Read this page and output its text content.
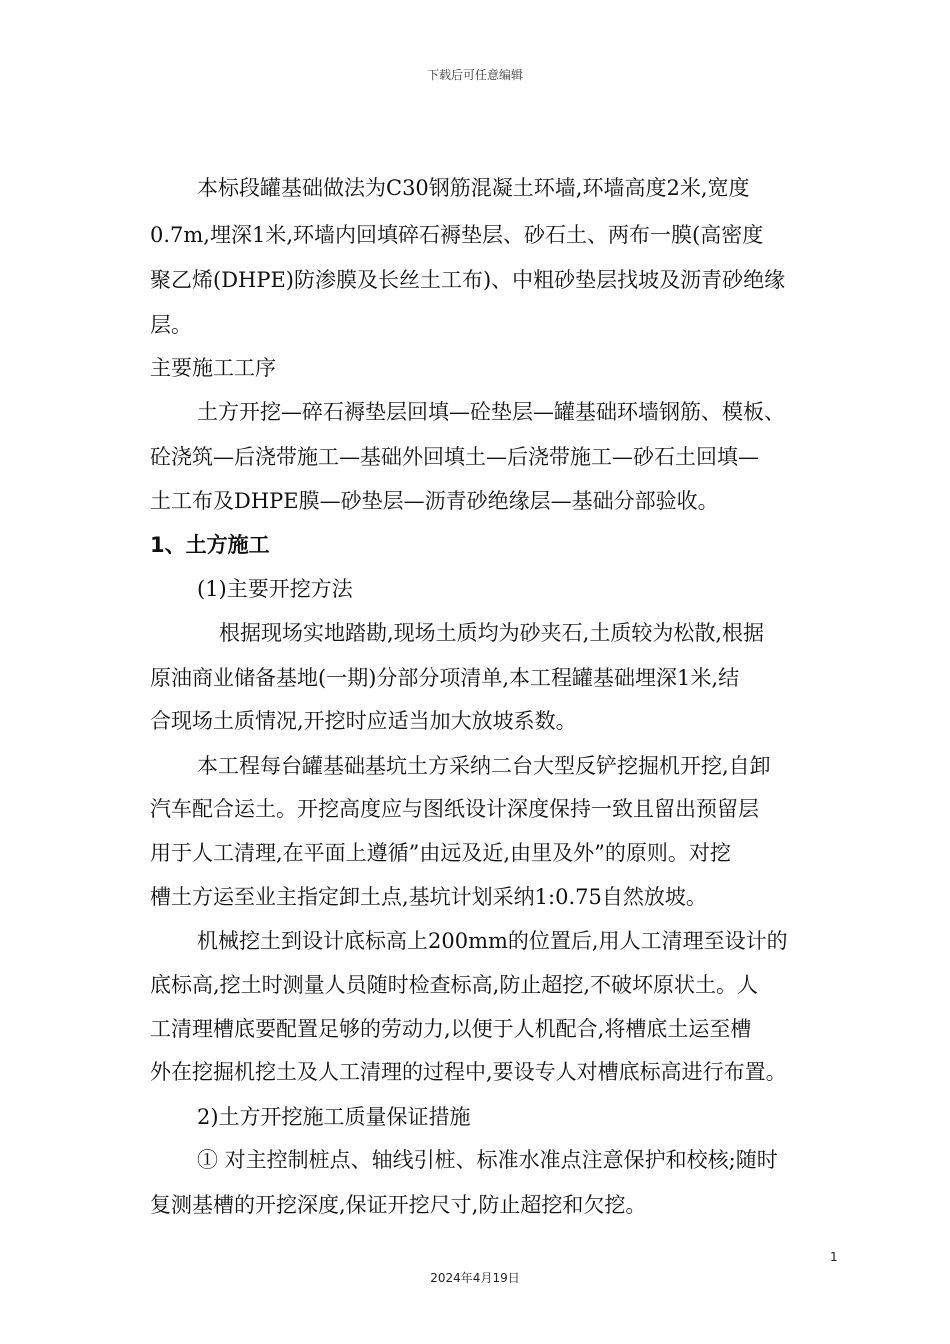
下载后可任意编辑
本标段罐基础做法为C30钢筋混凝土环墙,环墙高度2米,宽度
0.7m,埋深1米,环墙内回填碎石褥垫层、砂石土、两布一膜(高密度
聚乙烯(DHPE)防渗膜及长丝土工布)、中粗砂垫层找坡及沥青砂绝缘
层。
主要施工工序
土方开挖—碎石褥垫层回填—砼垫层—罐基础环墙钢筋、模板、
砼浇筑—后浇带施工—基础外回填土—后浇带施工—砂石土回填—
土工布及DHPE膜—砂垫层—沥青砂绝缘层—基础分部验收。
1、土方施工
(1)主要开挖方法
根据现场实地踏勘,现场土质均为砂夹石,土质较为松散,根据
原油商业储备基地(一期)分部分项清单,本工程罐基础埋深1米,结
合现场土质情况,开挖时应适当加大放坡系数。
本工程每台罐基础基坑土方采纳二台大型反铲挖掘机开挖,自卸
汽车配合运土。开挖高度应与图纸设计深度保持一致且留出预留层
用于人工清理,在平面上遵循”由远及近,由里及外”的原则。对挖
槽土方运至业主指定卸土点,基坑计划采纳1:0.75自然放坡。
机械挖土到设计底标高上200mm的位置后,用人工清理至设计的
底标高,挖土时测量人员随时检查标高,防止超挖,不破坏原状土。人
工清理槽底要配置足够的劳动力,以便于人机配合,将槽底土运至槽
外在挖掘机挖土及人工清理的过程中,要设专人对槽底标高进行布置。
2)土方开挖施工质量保证措施
① 对主控制桩点、轴线引桩、标准水准点注意保护和校核;随时
复测基槽的开挖深度,保证开挖尺寸,防止超挖和欠挖。
1
2024年4月19日
